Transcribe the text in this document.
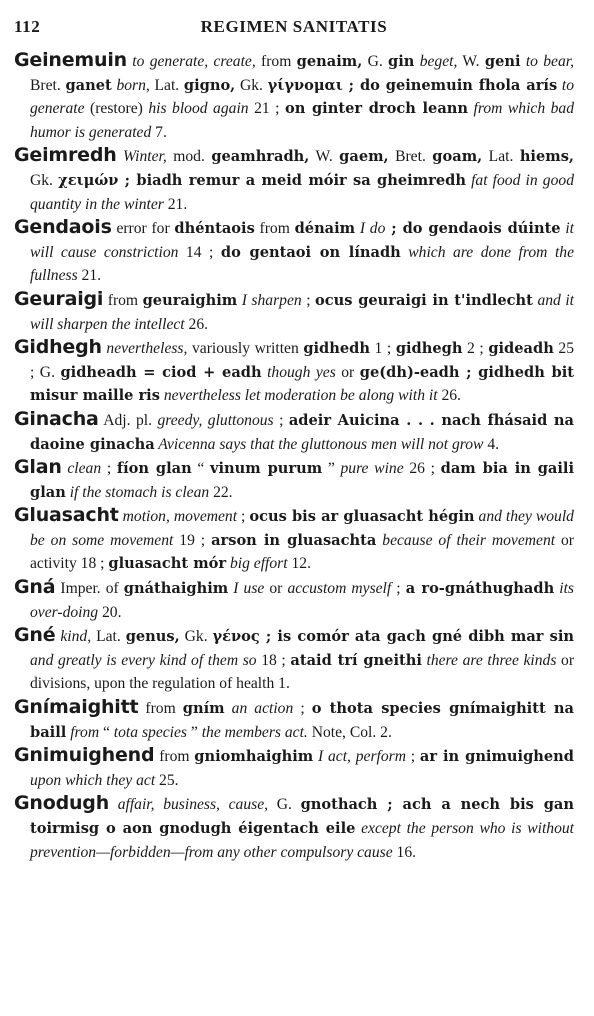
112	REGIMEN SANITATIS
Geinemuin to generate, create, from genaim, G. gin beget, W. geni to bear, Bret. ganet born, Lat. gigno, Gk. γίγνομαι ; do geinemuin fhola arís to generate (restore) his blood again 21 ; on ginter droch leann from which bad humor is generated 7.
Geimredh Winter, mod. geamhradh, W. gaem, Bret. goam, Lat. hiems, Gk. χειμών ; biadh remur a meid móir sa gheimredh fat food in good quantity in the winter 21.
Gendaois error for dhéntaois from dénaim I do ; do gendaois dúinte it will cause constriction 14 ; do gentaoi on línadh which are done from the fullness 21.
Geuraigi from geuraighim I sharpen ; ocus geuraigi in t'indlecht and it will sharpen the intellect 26.
Gidhegh nevertheless, variously written gidhedh 1 ; gidhegh 2 ; gideadh 25 ; G. gidheadh = ciod + eadh though yes or ge(dh)-eadh ; gidhedh bit misur maille ris nevertheless let moderation be along with it 26.
Ginacha Adj. pl. greedy, gluttonous ; adeir Auicina . . . nach fhásaid na daoine ginacha Avicenna says that the gluttonous men will not grow 4.
Glan clean ; fíon glan “ vinum purum ” pure wine 26 ; dam bia in gaili glan if the stomach is clean 22.
Gluasacht motion, movement ; ocus bis ar gluasacht hégin and they would be on some movement 19 ; arson in gluasachta because of their movement or activity 18 ; gluasacht mór big effort 12.
Gná Imper. of gnáthaighim I use or accustom myself ; a ro-gnáthughadh its over-doing 20.
Gné kind, Lat. genus, Gk. γένος ; is comór ata gach gné dibh mar sin and greatly is every kind of them so 18 ; ataid trí gneithi there are three kinds or divisions, upon the regulation of health 1.
Gnímaighitt from gním an action ; o thota species gnímaighitt na baill from “ tota species ” the members act. Note, Col. 2.
Gnimuighend from gniomhaighim I act, perform ; ar in gnimuighend upon which they act 25.
Gnodugh affair, business, cause, G. gnothach ; ach a nech bis gan toirmisg o aon gnodugh éigentach eile except the person who is without prevention—forbidden—from any other compulsory cause 16.
